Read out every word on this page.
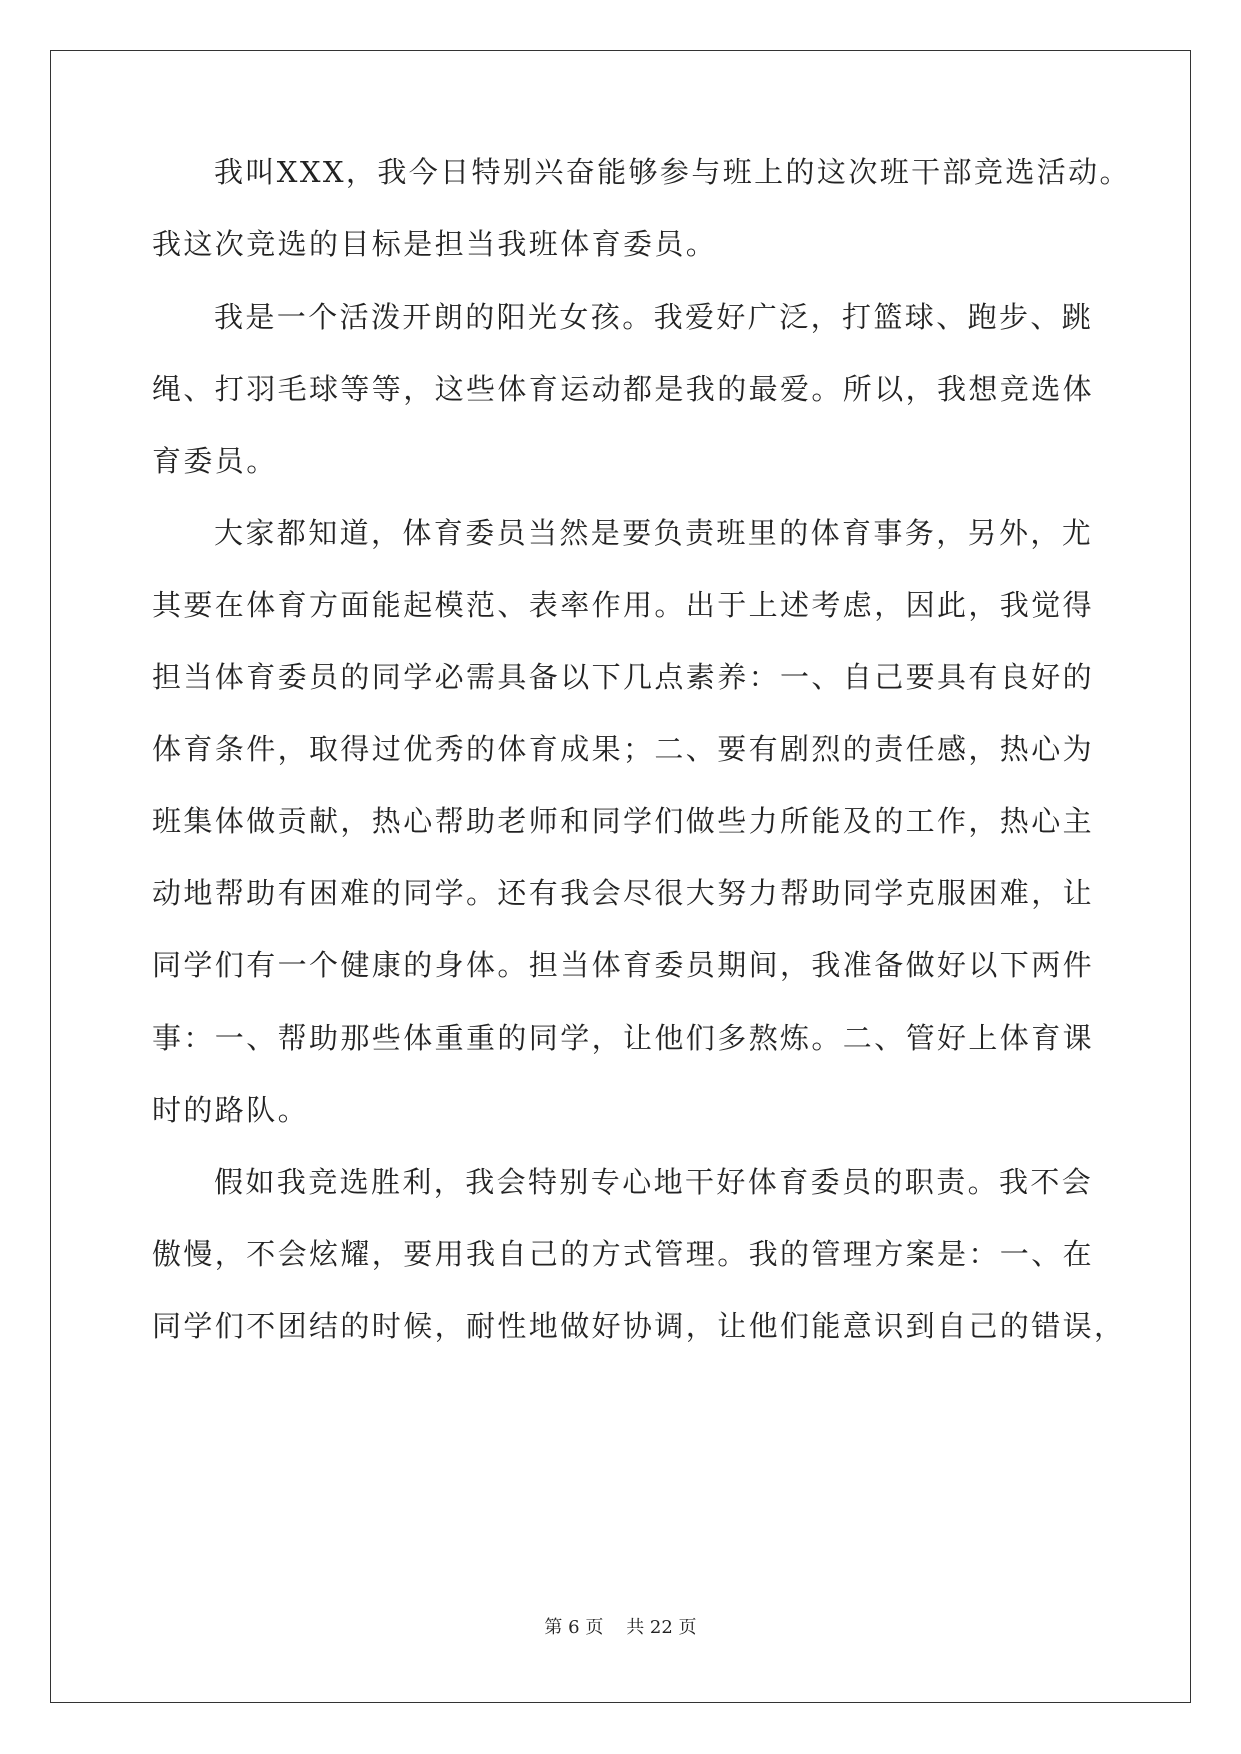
我叫XXX，我今日特别兴奋能够参与班上的这次班干部竞选活动。
我这次竞选的目标是担当我班体育委员。
我是一个活泼开朗的阳光女孩。我爱好广泛，打篮球、跑步、跳
绳、打羽毛球等等，这些体育运动都是我的最爱。所以，我想竞选体
育委员。
大家都知道，体育委员当然是要负责班里的体育事务，另外，尤
其要在体育方面能起模范、表率作用。出于上述考虑，因此，我觉得
担当体育委员的同学必需具备以下几点素养：一、自己要具有良好的
体育条件，取得过优秀的体育成果；二、要有剧烈的责任感，热心为
班集体做贡献，热心帮助老师和同学们做些力所能及的工作，热心主
动地帮助有困难的同学。还有我会尽很大努力帮助同学克服困难，让
同学们有一个健康的身体。担当体育委员期间，我准备做好以下两件
事：一、帮助那些体重重的同学，让他们多熬炼。二、管好上体育课
时的路队。
假如我竞选胜利，我会特别专心地干好体育委员的职责。我不会
傲慢，不会炫耀，要用我自己的方式管理。我的管理方案是：一、在
同学们不团结的时候，耐性地做好协调，让他们能意识到自己的错误，
第 6 页    共 22 页
